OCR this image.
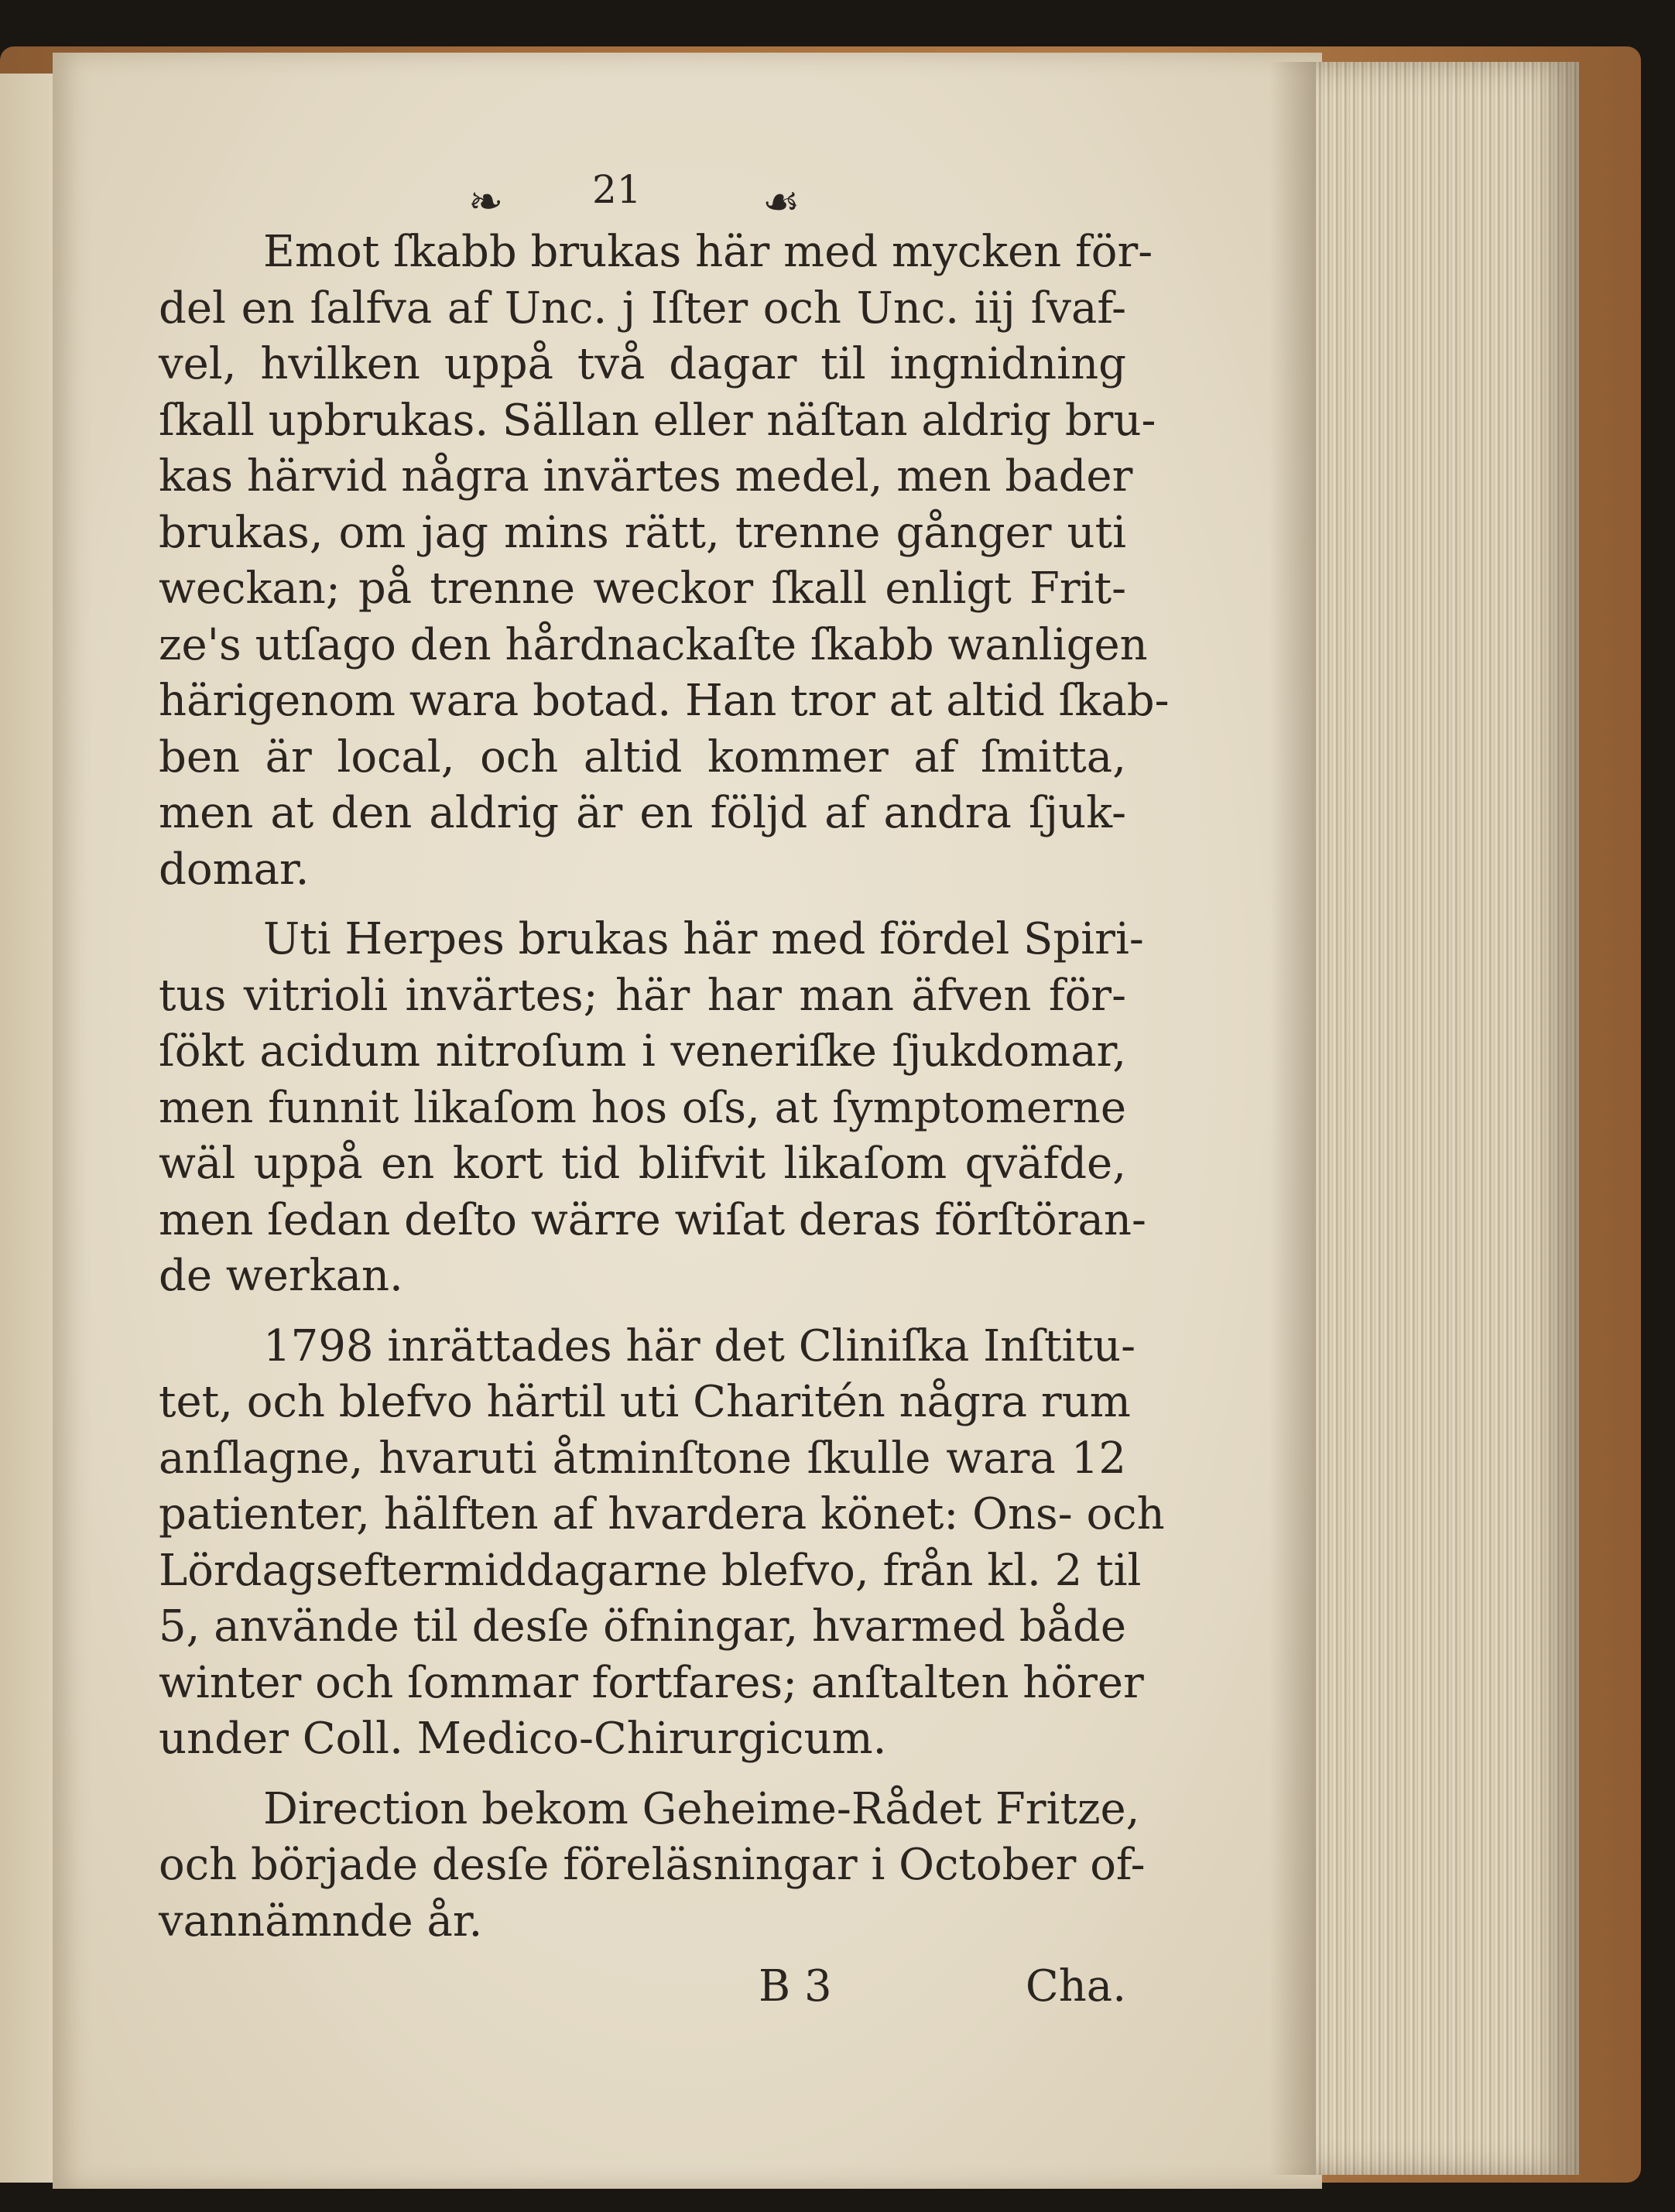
❧ 21	☙
Emot ſkabb brukas här med mycken för-
del en ſalfva af Unc. j Iſter och Unc. iij ſvaf-
vel, hvilken uppå två dagar til ingnidning
ſkall upbrukas. Sällan eller näſtan aldrig bru-
kas härvid några invärtes medel, men bader
brukas, om jag mins rätt, trenne gånger uti
weckan; på trenne weckor ſkall enligt Frit-
ze's utſago den hårdnackaſte ſkabb wanligen
härigenom wara botad. Han tror at altid ſkab-
ben är local, och altid kommer af ſmitta,
men at den aldrig är en följd af andra ſjuk-
domar.
Uti Herpes brukas här med fördel Spiri-
tus vitrioli invärtes; här har man äfven för-
ſökt acidum nitroſum i veneriſke ſjukdomar,
men funnit likaſom hos oſs, at ſymptomerne
wäl uppå en kort tid blifvit likaſom qväfde,
men ſedan deſto wärre wiſat deras förſtöran-
de werkan.
1798 inrättades här det Cliniſka Inſtitu-
tet, och blefvo härtil uti Charitén några rum
anſlagne, hvaruti åtminſtone ſkulle wara 12
patienter, hälften af hvardera könet: Ons- och
Lördagseftermiddagarne blefvo, från kl. 2 til
5, använde til desſe öfningar, hvarmed både
winter och ſommar fortfares; anſtalten hörer
under Coll. Medico-Chirurgicum.
Direction bekom Geheime-Rådet Fritze,
och började desſe föreläsningar i October of-
vannämnde år.
B 3	Cha.
